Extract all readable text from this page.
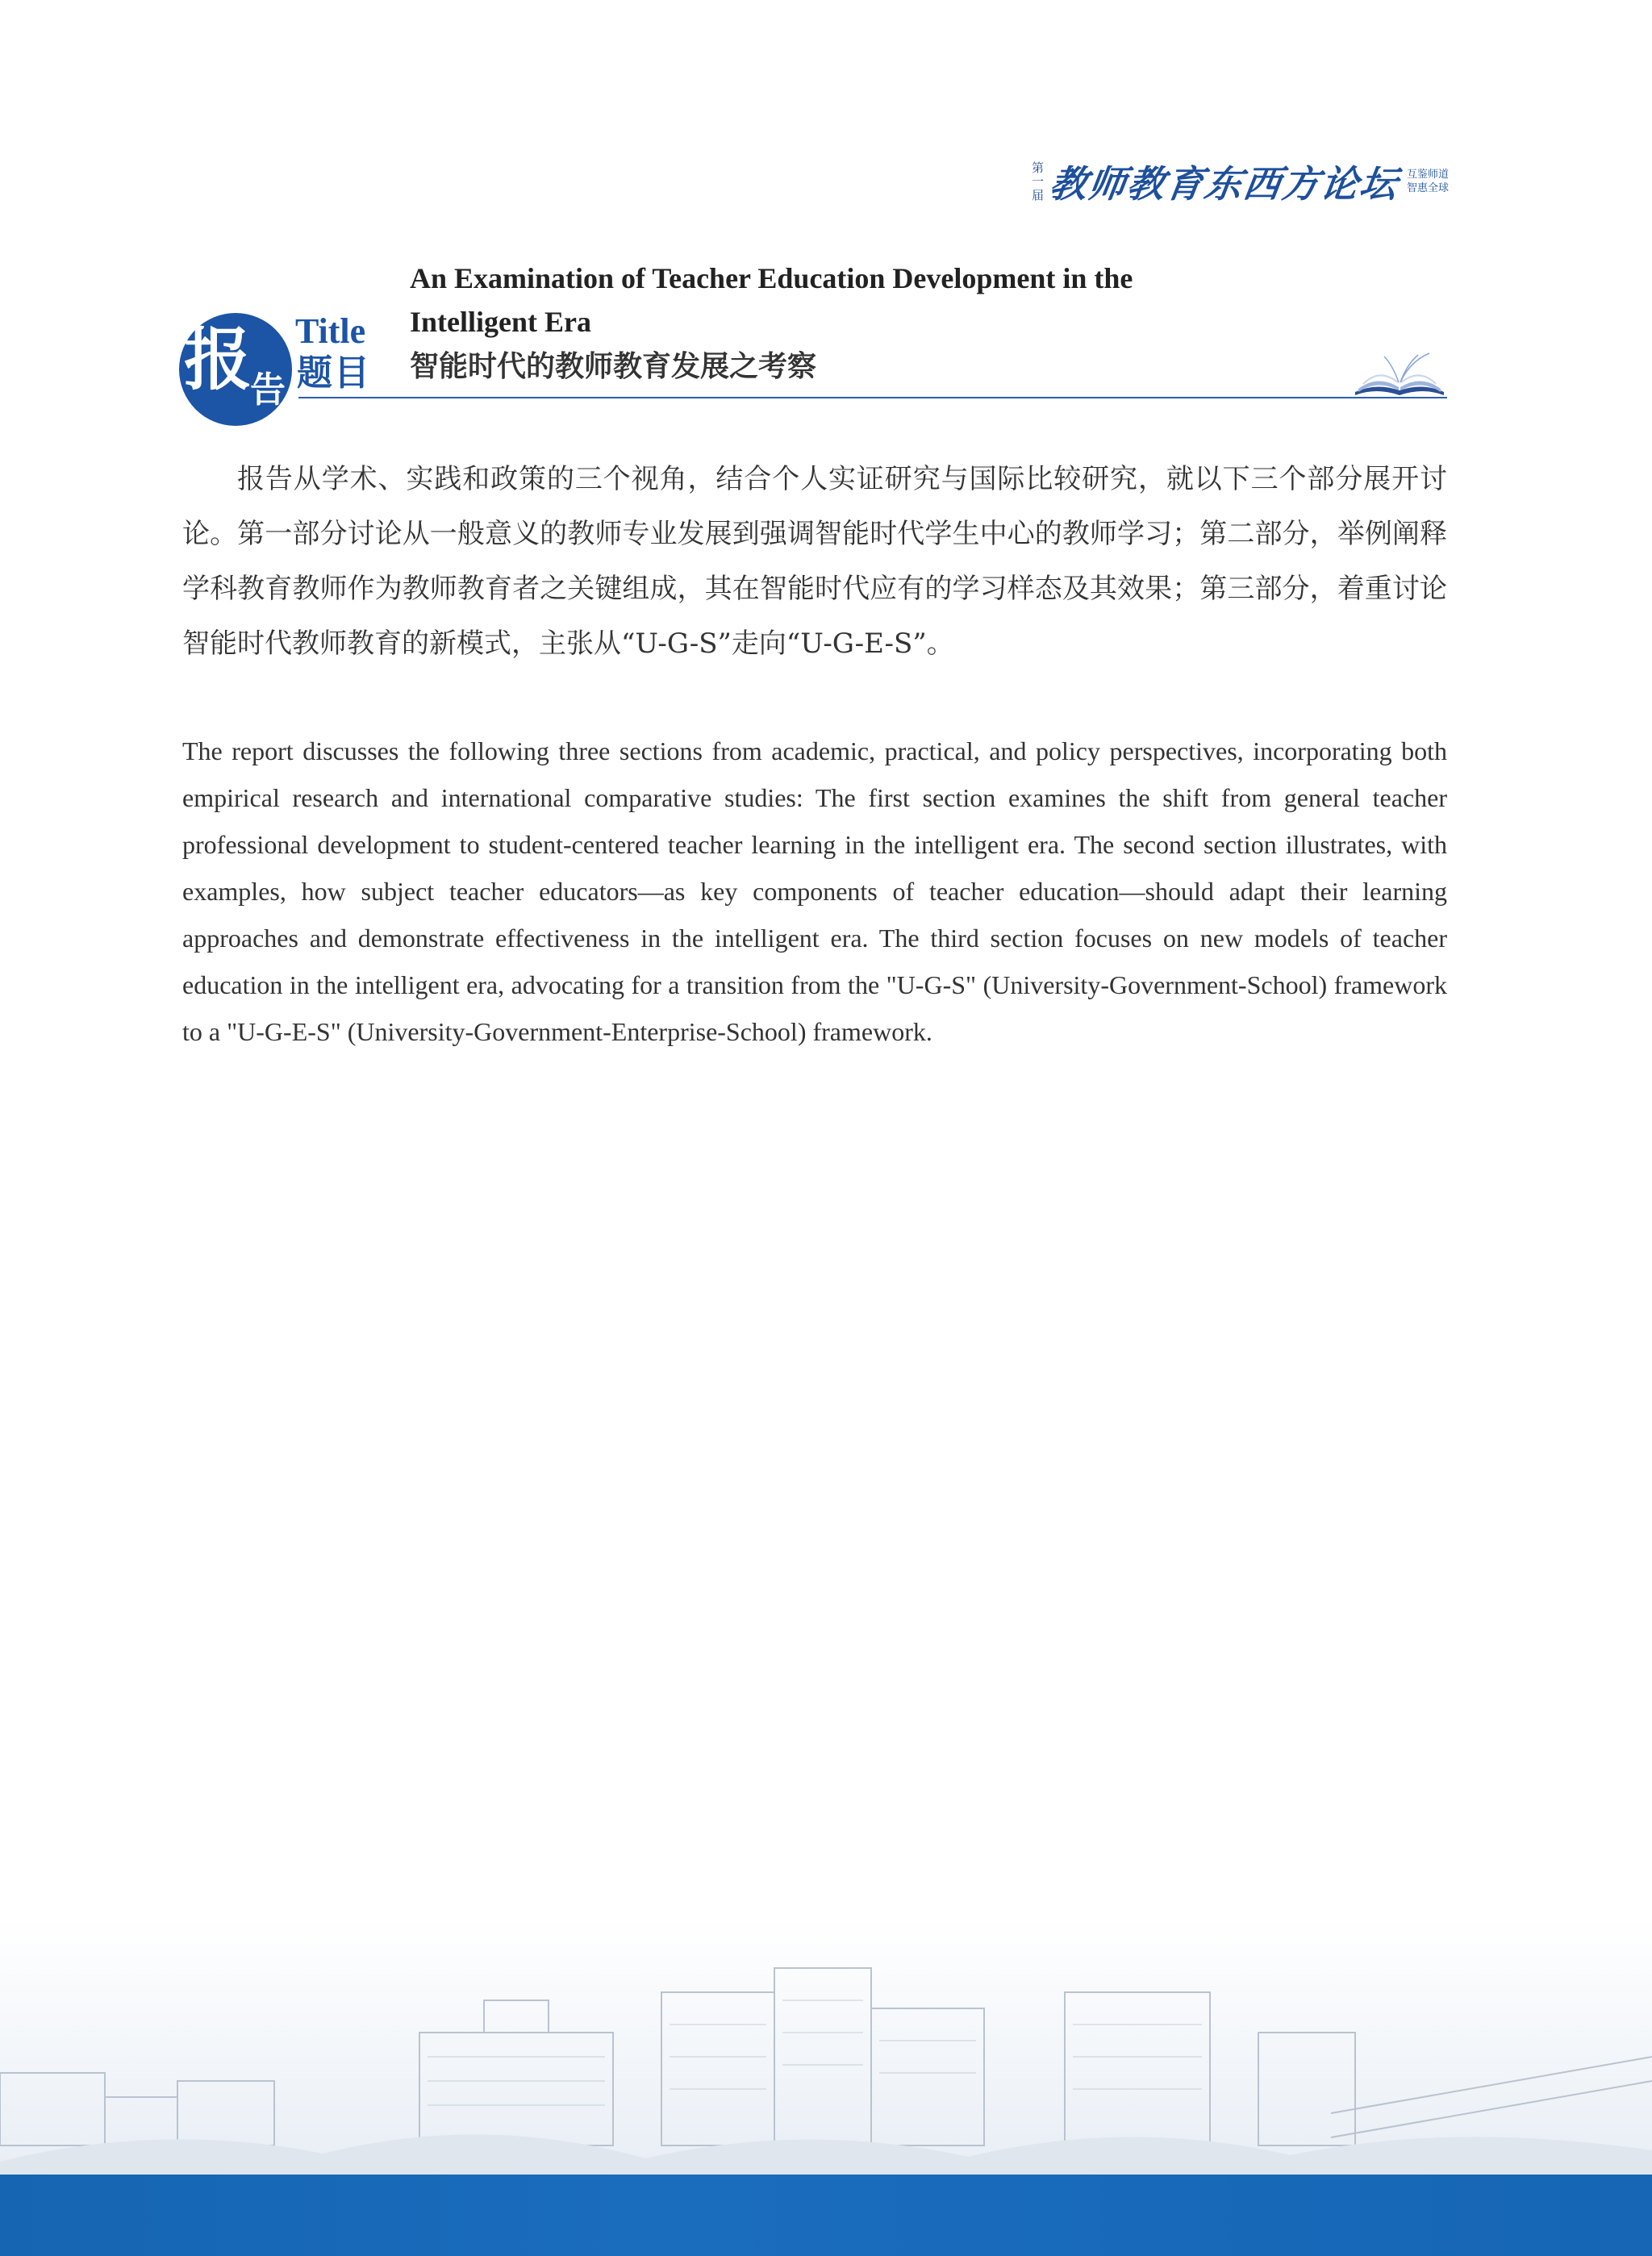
第
一
届 教师教育东西方论坛 互鉴师道
智惠全球
报
告
Title
题目
An Examination of Teacher Education Development in the Intelligent Era
智能时代的教师教育发展之考察

报告从学术、实践和政策的三个视角，结合个人实证研究与国际比较研究，就以下三个部分展开讨论。第一部分讨论从一般意义的教师专业发展到强调智能时代学生中心的教师学习；第二部分，举例阐释学科教育教师作为教师教育者之关键组成，其在智能时代应有的学习样态及其效果；第三部分，着重讨论智能时代教师教育的新模式，主张从“U-G-S”走向“U-G-E-S”。

The report discusses the following three sections from academic, practical, and policy perspectives, incorporating both empirical research and international comparative studies: The first section examines the shift from general teacher professional development to student-centered teacher learning in the intelligent era. The second section illustrates, with examples, how subject teacher educators—as key components of teacher education—should adapt their learning approaches and demonstrate effectiveness in the intelligent era. The third section focuses on new models of teacher education in the intelligent era, advocating for a transition from the "U-G-S" (University-Government-School) framework to a "U-G-E-S" (University-Government-Enterprise-School) framework.
